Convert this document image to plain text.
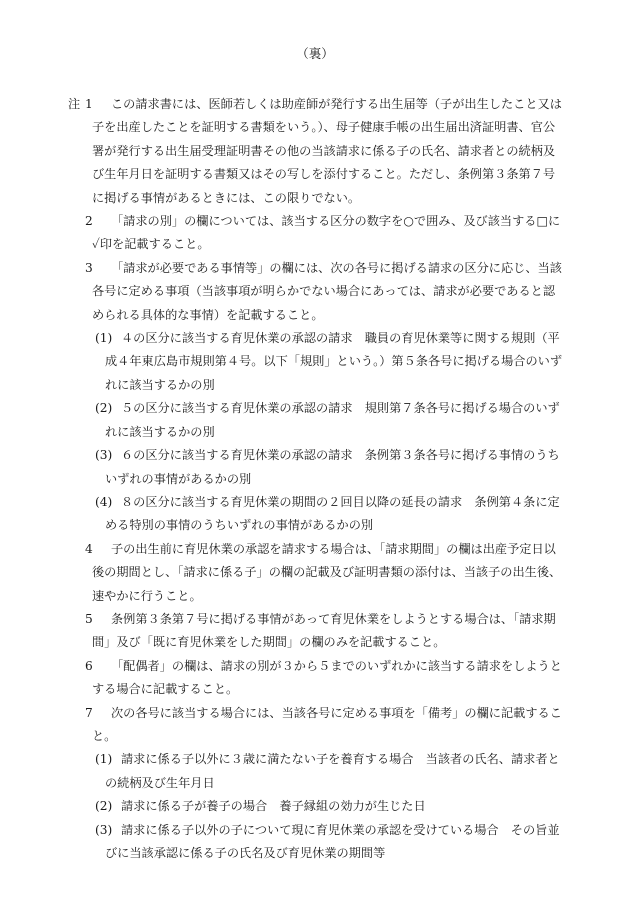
（裏）
注 1	この請求書には、医師若しくは助産師が発行する出生届等（子が出生したこと又は子を出産したことを証明する書類をいう。）、母子健康手帳の出生届出済証明書、官公署が発行する出生届受理証明書その他の当該請求に係る子の氏名、請求者との続柄及び生年月日を証明する書類又はその写しを添付すること。ただし、条例第３条第７号に掲げる事情があるときには、この限りでない。
2	「請求の別」の欄については、該当する区分の数字を○で囲み、及び該当する□に✓印を記載すること。
3	「請求が必要である事情等」の欄には、次の各号に掲げる請求の区分に応じ、当該各号に定める事項（当該事項が明らかでない場合にあっては、請求が必要であると認められる具体的な事情）を記載すること。
(1) ４の区分に該当する育児休業の承認の請求　職員の育児休業等に関する規則（平成４年東広島市規則第４号。以下「規則」という。）第５条各号に掲げる場合のいずれに該当するかの別
(2) ５の区分に該当する育児休業の承認の請求　規則第７条各号に掲げる場合のいずれに該当するかの別
(3) ６の区分に該当する育児休業の承認の請求　条例第３条各号に掲げる事情のうちいずれの事情があるかの別
(4) ８の区分に該当する育児休業の期間の２回目以降の延長の請求　条例第４条に定める特別の事情のうちいずれの事情があるかの別
4	子の出生前に育児休業の承認を請求する場合は、「請求期間」の欄は出産予定日以後の期間とし、「請求に係る子」の欄の記載及び証明書類の添付は、当該子の出生後、速やかに行うこと。
5	条例第３条第７号に掲げる事情があって育児休業をしようとする場合は、「請求期間」及び「既に育児休業をした期間」の欄のみを記載すること。
6	「配偶者」の欄は、請求の別が３から５までのいずれかに該当する請求をしようとする場合に記載すること。
7	次の各号に該当する場合には、当該各号に定める事項を「備考」の欄に記載すること。
(1) 請求に係る子以外に３歳に満たない子を養育する場合　当該者の氏名、請求者との続柄及び生年月日
(2) 請求に係る子が養子の場合　養子縁組の効力が生じた日
(3) 請求に係る子以外の子について現に育児休業の承認を受けている場合　その旨並びに当該承認に係る子の氏名及び育児休業の期間等
